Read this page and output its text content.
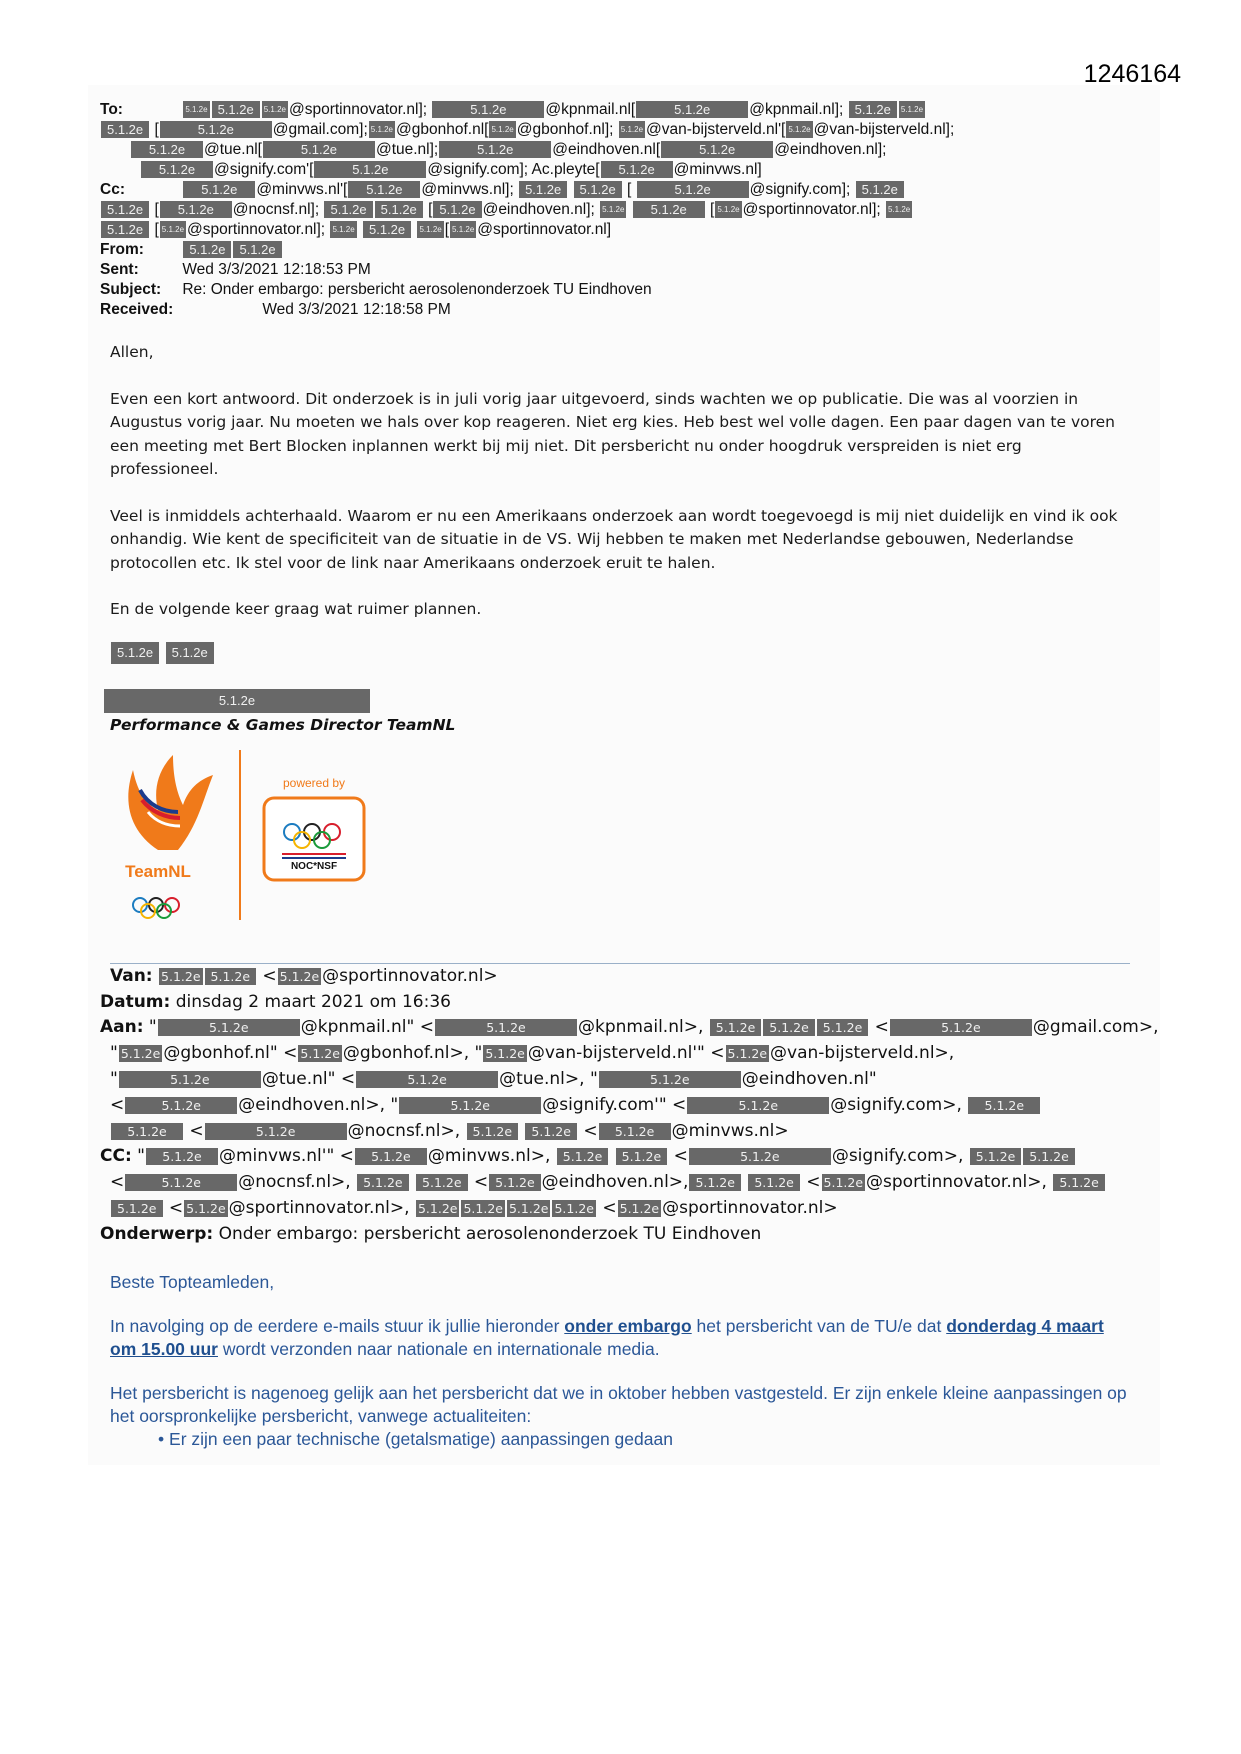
1246164
To:	5.1.2e 5.1.2e 5.1.2e @sportinnovator.nl];	5.1.2e	@kpnmail.nl[	5.1.2e	@kpnmail.nl]; 5.1.2e 5.1.2e
5.1.2e [	5.1.2e	@gmail.com]; 5.1.2e @gbonhof.nl[ 5.1.2e @gbonhof.nl]; 5.1.2e @van-bijsterveld.nl'[ 5.1.2e @van-bijsterveld.nl];
5.1.2e @tue.nl[	5.1.2e	@tue.nl];	5.1.2e	@eindhoven.nl[	5.1.2e	@eindhoven.nl];
5.1.2e @signify.com'[	5.1.2e	@signify.com]; Ac.pleyte[ 5.1.2e @minvws.nl]
Cc:	5.1.2e @minvws.nl'[ 5.1.2e @minvws.nl]; 5.1.2e 5.1.2e [	5.1.2e	@signify.com]; 5.1.2e
5.1.2e [ 5.1.2e @nocnsf.nl]; 5.1.2e 5.1.2e [ 5.1.2e @eindhoven.nl]; 5.1.2e 5.1.2e [ 5.1.2e @sportinnovator.nl]; 5.1.2e
5.1.2e [ 5.1.2e @sportinnovator.nl]; 5.1.2e 5.1.2e 5.1.2e [ 5.1.2e @sportinnovator.nl]
From:	5.1.2e 5.1.2e
Sent:	Wed 3/3/2021 12:18:53 PM
Subject: Re: Onder embargo: persbericht aerosolenonderzoek TU Eindhoven
Received:	Wed 3/3/2021 12:18:58 PM

Allen,

Even een kort antwoord. Dit onderzoek is in juli vorig jaar uitgevoerd, sinds wachten we op publicatie. Die was al voorzien in Augustus vorig jaar. Nu moeten we hals over kop reageren. Niet erg kies. Heb best wel volle dagen. Een paar dagen van te voren een meeting met Bert Blocken inplannen werkt bij mij niet. Dit persbericht nu onder hoogdruk verspreiden is niet erg professioneel.

Veel is inmiddels achterhaald. Waarom er nu een Amerikaans onderzoek aan wordt toegevoegd is mij niet duidelijk en vind ik ook onhandig. Wie kent de specificiteit van de situatie in de VS. Wij hebben te maken met Nederlandse gebouwen, Nederlandse protocollen etc. Ik stel voor de link naar Amerikaans onderzoek eruit te halen.

En de volgende keer graag wat ruimer plannen.

5.1.2e 5.1.2e
5.1.2e
Performance & Games Director TeamNL
TeamNL
powered by
NOC*NSF
Van: 5.1.2e 5.1.2e < 5.1.2e @sportinnovator.nl>
Datum: dinsdag 2 maart 2021 om 16:36
Aan: "	5.1.2e	@kpnmail.nl" <	5.1.2e	@kpnmail.nl>, 5.1.2e 5.1.2e 5.1.2e <	5.1.2e	@gmail.com>,
" 5.1.2e @gbonhof.nl" < 5.1.2e @gbonhof.nl>, " 5.1.2e @van-bijsterveld.nl'" < 5.1.2e @van-bijsterveld.nl>,
"	5.1.2e	@tue.nl" <	5.1.2e	@tue.nl>, "	5.1.2e	@eindhoven.nl"
<	5.1.2e @eindhoven.nl>, "	5.1.2e	@signify.com'" <	5.1.2e	@signify.com>, 5.1.2e
5.1.2e <	5.1.2e	@nocnsf.nl>, 5.1.2e 5.1.2e < 5.1.2e @minvws.nl>
CC: " 5.1.2e @minvws.nl'" < 5.1.2e @minvws.nl>, 5.1.2e 5.1.2e <	5.1.2e	@signify.com>, 5.1.2e 5.1.2e
<	5.1.2e @nocnsf.nl>, 5.1.2e 5.1.2e < 5.1.2e @eindhoven.nl>, 5.1.2e 5.1.2e < 5.1.2e @sportinnovator.nl>, 5.1.2e
5.1.2e < 5.1.2e @sportinnovator.nl>, 5.1.2e 5.1.2e 5.1.2e 5.1.2e < 5.1.2e @sportinnovator.nl>
Onderwerp: Onder embargo: persbericht aerosolenonderzoek TU Eindhoven
Beste Topteamleden,
In navolging op de eerdere e-mails stuur ik jullie hieronder onder embargo het persbericht van de TU/e dat donderdag 4 maart om 15.00 uur wordt verzonden naar nationale en internationale media.
Het persbericht is nagenoeg gelijk aan het persbericht dat we in oktober hebben vastgesteld. Er zijn enkele kleine aanpassingen op het oorspronkelijke persbericht, vanwege actualiteiten:
• Er zijn een paar technische (getalsmatige) aanpassingen gedaan
